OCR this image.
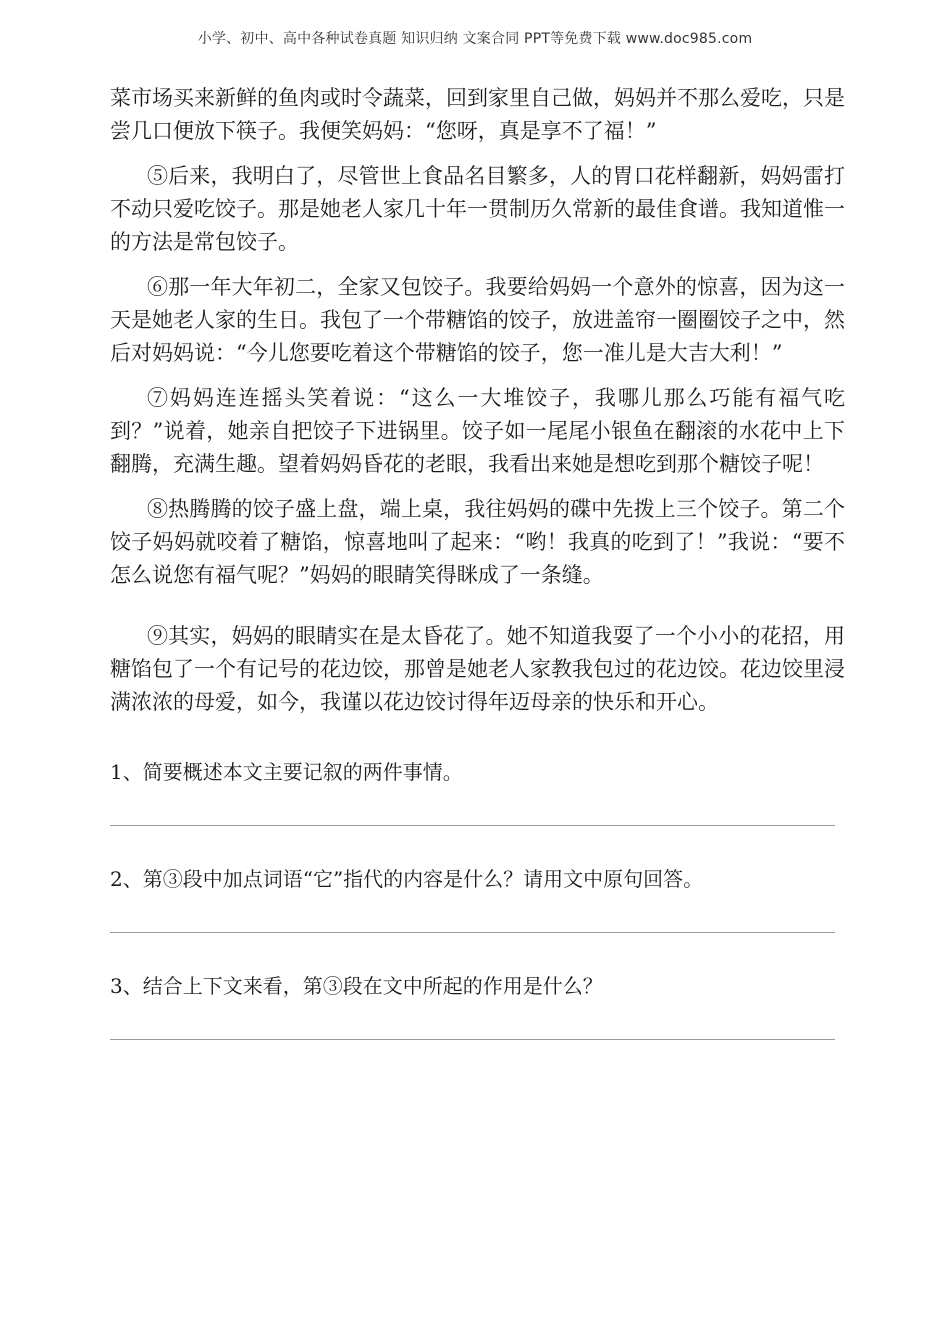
小学、初中、高中各种试卷真题 知识归纳 文案合同 PPT等免费下载 www.doc985.com

菜市场买来新鲜的鱼肉或时令蔬菜，回到家里自己做，妈妈并不那么爱吃，只是尝几口便放下筷子。我便笑妈妈：“您呀，真是享不了福！”

⑤后来，我明白了，尽管世上食品名目繁多，人的胃口花样翻新，妈妈雷打不动只爱吃饺子。那是她老人家几十年一贯制历久常新的最佳食谱。我知道惟一的方法是常包饺子。

⑥那一年大年初二，全家又包饺子。我要给妈妈一个意外的惊喜，因为这一天是她老人家的生日。我包了一个带糖馅的饺子，放进盖帘一圈圈饺子之中，然后对妈妈说：“今儿您要吃着这个带糖馅的饺子，您一准儿是大吉大利！”

⑦妈妈连连摇头笑着说：“这么一大堆饺子，我哪儿那么巧能有福气吃到？”说着，她亲自把饺子下进锅里。饺子如一尾尾小银鱼在翻滚的水花中上下翻腾，充满生趣。望着妈妈昏花的老眼，我看出来她是想吃到那个糖饺子呢！

⑧热腾腾的饺子盛上盘，端上桌，我往妈妈的碟中先拨上三个饺子。第二个饺子妈妈就咬着了糖馅，惊喜地叫了起来：“哟！我真的吃到了！”我说：“要不怎么说您有福气呢？”妈妈的眼睛笑得眯成了一条缝。

⑨其实，妈妈的眼睛实在是太昏花了。她不知道我耍了一个小小的花招，用糖馅包了一个有记号的花边饺，那曾是她老人家教我包过的花边饺。花边饺里浸满浓浓的母爱，如今，我谨以花边饺讨得年迈母亲的快乐和开心。

1、简要概述本文主要记叙的两件事情。

2、第③段中加点词语“它”指代的内容是什么？请用文中原句回答。

3、结合上下文来看，第③段在文中所起的作用是什么？
